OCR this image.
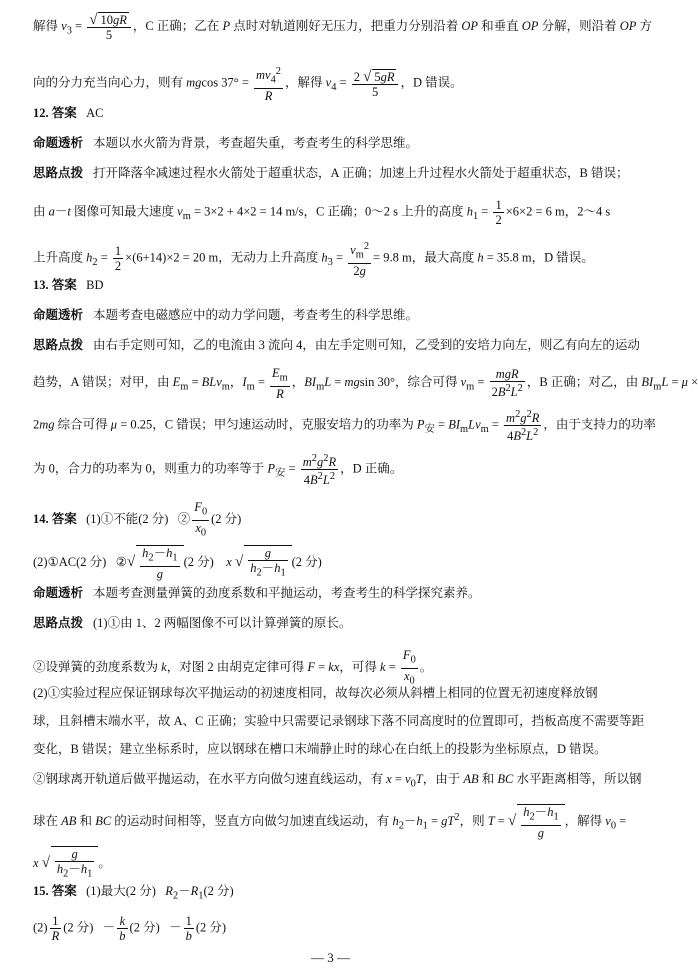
解得 $v_3 = \frac{√ 10gR}{5}$ ，C 正确；乙在 P 点时对轨道刚好无压力，把重力分别沿着 OP 和垂直 OP 分解，则沿着 OP 方
向的分力充当向心力，则有 mgcos $37^\circ = \frac{mv_4^2}{R}$ ，解得 $v_4 = \frac{2 √ 5gR}{5}$ ，D 错误。
12. 答案 AC
命题透析 本题以水火箭为背景，考查超失重，考查考生的科学思维。
思路点拨 打开降落伞减速过程水火箭处于超重状态，A 正确；加速上升过程水火箭处于超重状态，B 错误；
由 a－t 图像可知最大速度 $v_m = 3\times 2 + 4\times 2 = 14$ m/s，C 正确；0～2 s 上升的高度 $h_1 = \frac{1}{2} \times 6\times 2 = 6$ m，2～4 s
上升高度 $h_2 = \frac{1}{2} \times(6+14)\times 2 = 20$ m，无动力上升高度 $h_3 = \frac{v_m^2}{2g} = 9.8$ m，最大高度 h = 35.8 m，D 错误。
13. 答案 BD
命题透析 本题考查电磁感应中的动力学问题，考查考生的科学思维。
思路点拨 由右手定则可知，乙的电流由 3 流向 4，由左手定则可知，乙受到的安培力向左，则乙有向左的运动
趋势，A 错误；对甲，由 $E_m = BLv_m$，$I_m = \frac{E_m}{R}$ ，$BI_mL = mgsin$ 30°，综合可得 $v_m = \frac{\text{mgR}}{2B^2L^2}$ ，B 正确；对乙，由 $BI_mL = \mu$ ×
2mg 综合可得 μ = 0.25，C 错误；甲匀速运动时，克服安培力的功率为 $P_安 = BI_mLv_m = \frac{m^2g^2R}{4B^2L^2}$ ，由于支持力的功率
为 0，合力的功率为 0，则重力的功率等于 $P_安 = \frac{m^2g^2R}{4B^2L^2}$ ，D 正确。
14. 答案   (1)①不能(2 分)   ② $\frac{F_0}{x_0} (2$ 分)
(2)①AC(2 分)   ②√ $\frac{h_2-h_1}{g} (2$ 分)    x √ $\frac{g}{h_2-h_1} (2$ 分)
命题透析 本题考查测量弹簧的劲度系数和平抛运动，考查考生的科学探究素养。
思路点拨 (1)①由 1、2 两幅图像不可以计算弹簧的原长。
②设弹簧的劲度系数为 k，对图 2 由胡克定律可得 F = kx，可得 $k = \frac{F_0}{x_0}$ 。
(2)①实验过程应保证钢球每次平抛运动的初速度相同，故每次必须从斜槽上相同的位置无初速度释放钢
球，且斜槽末端水平，故 A、C 正确；实验中只需要记录钢球下落不同高度时的位置即可，挡板高度不需要等距
变化，B 错误；建立坐标系时，应以钢球在槽口末端静止时的球心在白纸上的投影为坐标原点，D 错误。
②钢球离开轨道后做平抛运动，在水平方向做匀速直线运动，有 $x = v_0T$，由于 AB 和 BC 水平距离相等，所以钢
球在 AB 和 BC 的运动时间相等，竖直方向做匀加速直线运动，有 $h_2-h_1 = gT^2$，则 T = √ $\frac{h_2-h_1}{g}$ ，解得 $v_0$ =
x √ $\frac{g}{h_2-h_1}$ 。
15. 答案   (1)最大(2 分)   $R_2-R_1(2$ 分)
$(2) \frac{1}{R} (2$ 分)   － $\frac{k}{b} (2$ 分)   － $\frac{1}{b} (2$ 分)
— 3 —
